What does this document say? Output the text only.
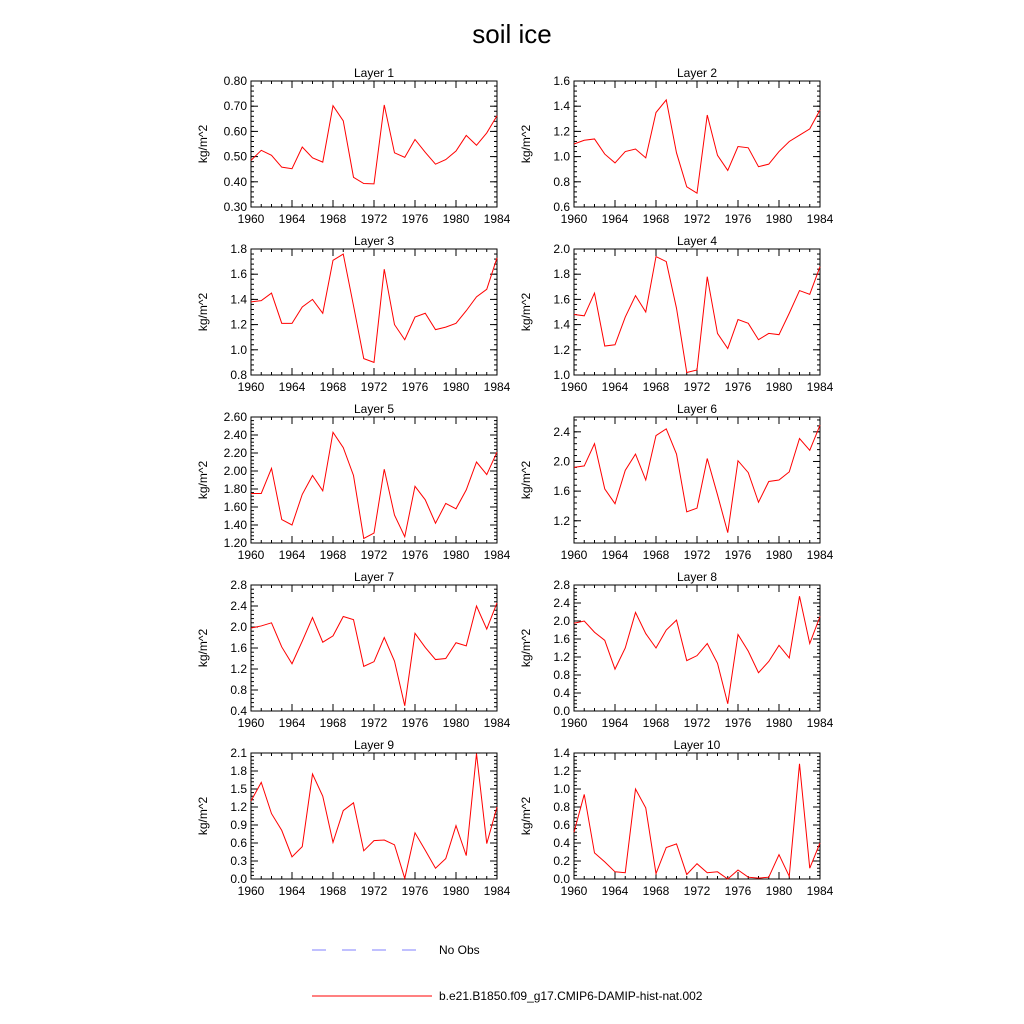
soil ice
Layer 1
1960 1964 1968 1972 1976 1980 1984
0.30
0.40
0.50
0.60
0.70
0.80
kg/m^2
Layer 2
1960 1964 1968 1972 1976 1980 1984
0.6
0.8
1.0
1.2
1.4
1.6
kg/m^2
Layer 3
1960 1964 1968 1972 1976 1980 1984
0.8
1.0
1.2
1.4
1.6
1.8
kg/m^2
Layer 4
1960 1964 1968 1972 1976 1980 1984
1.0
1.2
1.4
1.6
1.8
2.0
kg/m^2
Layer 5
1960 1964 1968 1972 1976 1980 1984
1.20
1.40
1.60
1.80
2.00
2.20
2.40
2.60
kg/m^2
Layer 6
1960 1964 1968 1972 1976 1980 1984
1.2
1.6
2.0
2.4
kg/m^2
Layer 7
1960 1964 1968 1972 1976 1980 1984
0.4
0.8
1.2
1.6
2.0
2.4
2.8
kg/m^2
Layer 8
1960 1964 1968 1972 1976 1980 1984
0.0
0.4
0.8
1.2
1.6
2.0
2.4
2.8
kg/m^2
Layer 9
1960 1964 1968 1972 1976 1980 1984
0.0
0.3
0.6
0.9
1.2
1.5
1.8
2.1
kg/m^2
Layer 10
1960 1964 1968 1972 1976 1980 1984
0.0
0.2
0.4
0.6
0.8
1.0
1.2
1.4
kg/m^2
No Obs
b.e21.B1850.f09_g17.CMIP6-DAMIP-hist-nat.002
